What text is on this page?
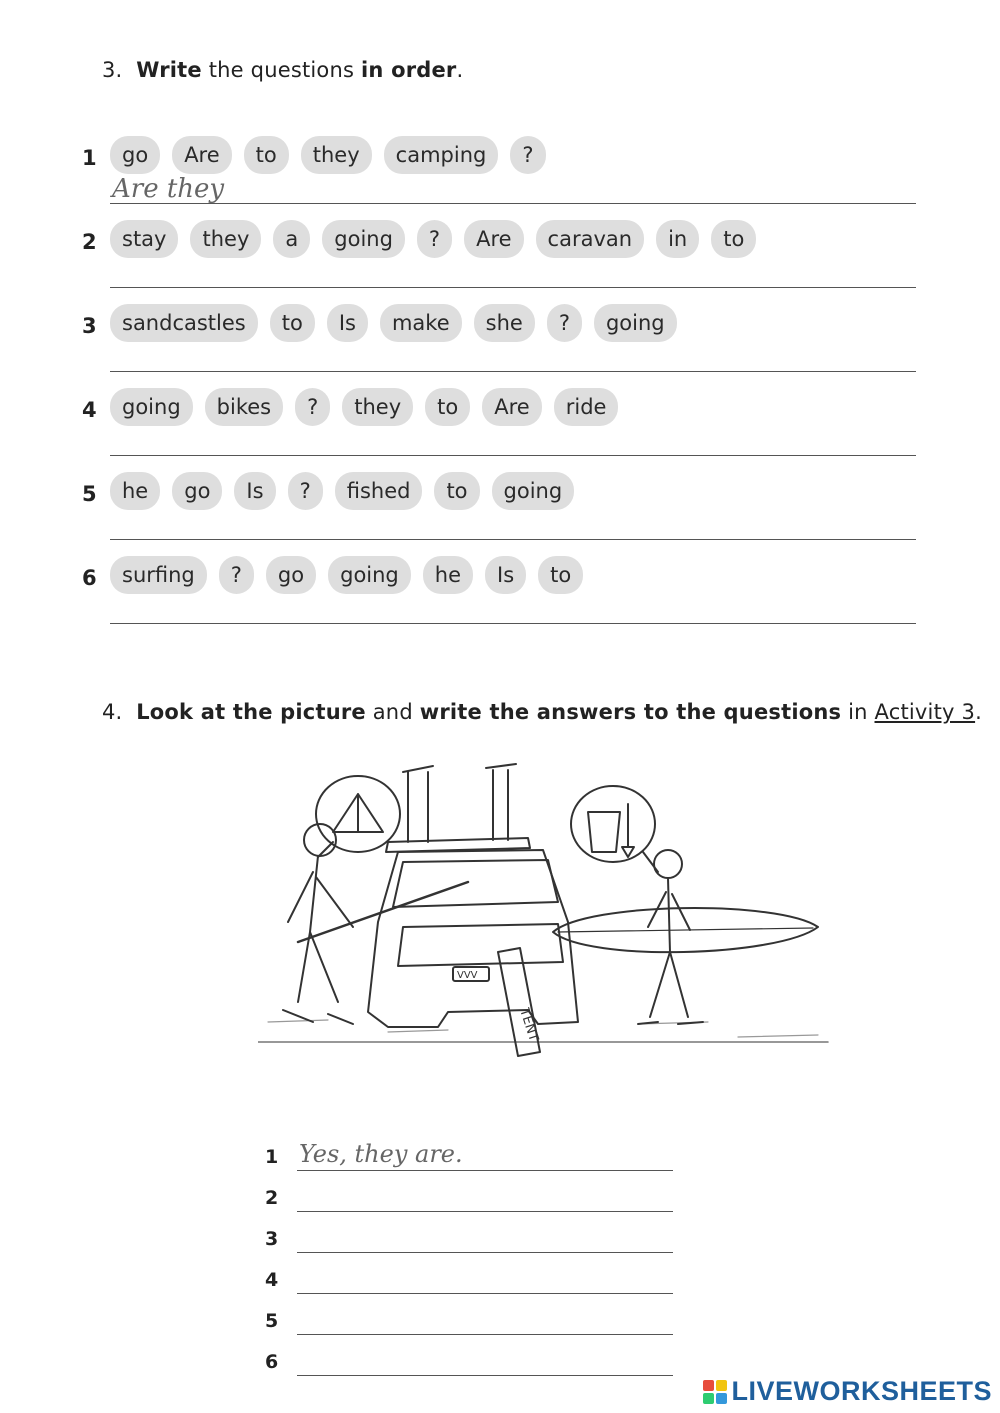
3. Write the questions in order.
1	go	Are	to	they	camping	?
Are they
2	stay	they	a	going	?	Are	caravan	in	to
3	sandcastles	to	Is	make	she	?	going
4	going	bikes	?	they	to	Are	ride
5	he	go	Is	?	fished	to	going
6	surfing	?	go	going	he	Is	to
4. Look at the picture and write the answers to the questions in Activity 3.
TENT
VVV
1 Yes, they are.
2
3
4
5
6
LIVEWORKSHEETS
